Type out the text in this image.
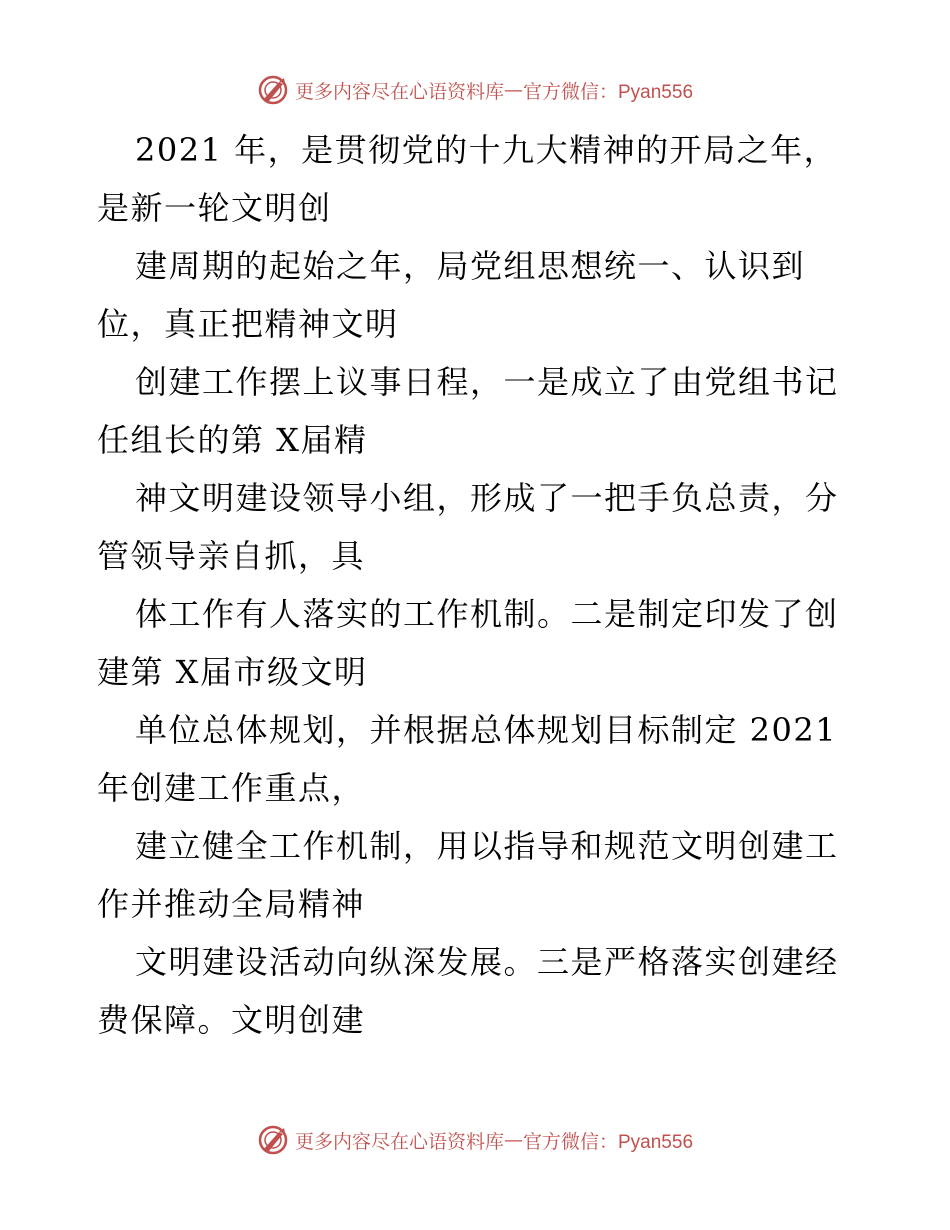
更多内容尽在心语资料库 — 官方微信：Pyan556
2021 年，是贯彻党的十九大精神的开局之年，
是新一轮文明创
建周期的起始之年，局党组思想统一、认识到
位，真正把精神文明
创建工作摆上议事日程，一是成立了由党组书记
任组长的第 X届精
神文明建设领导小组，形成了一把手负总责，分
管领导亲自抓，具
体工作有人落实的工作机制。二是制定印发了创
建第 X届市级文明
单位总体规划，并根据总体规划目标制定 2021
年创建工作重点，
建立健全工作机制，用以指导和规范文明创建工
作并推动全局精神
文明建设活动向纵深发展。三是严格落实创建经
费保障。文明创建
更多内容尽在心语资料库 — 官方微信：Pyan556
